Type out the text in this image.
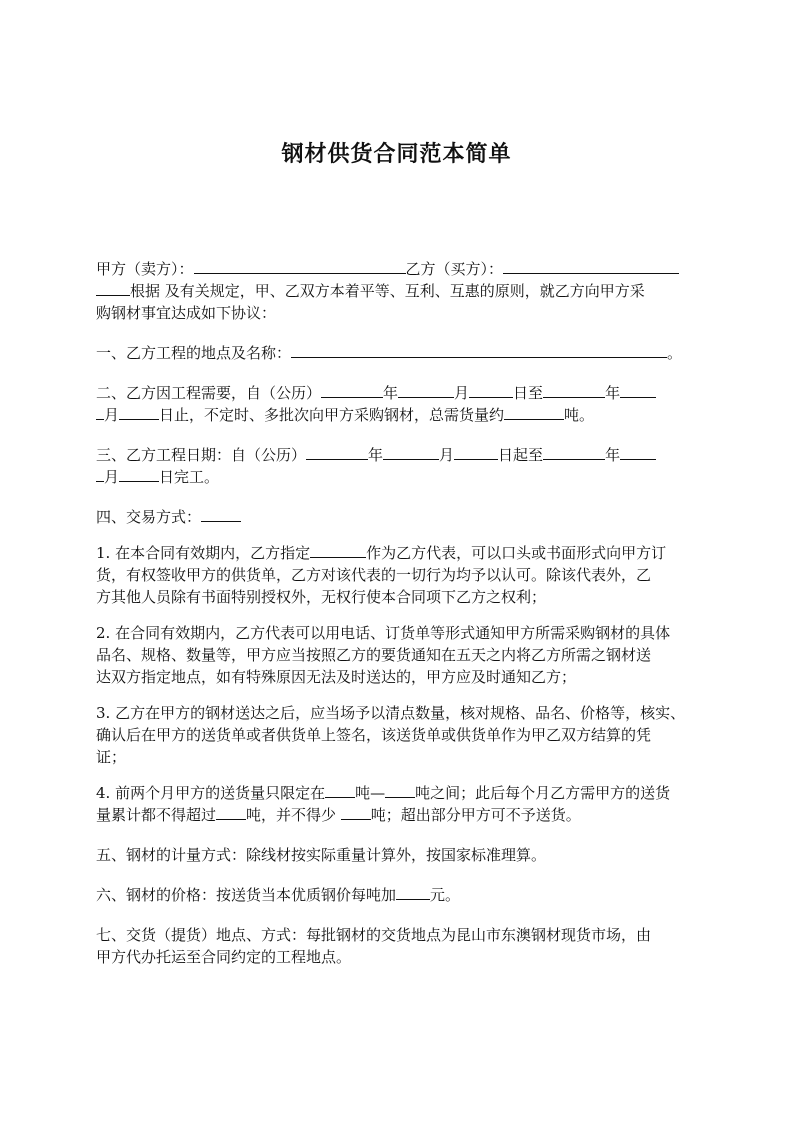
钢材供货合同范本简单
甲方（卖方）：	乙方（买方）：
根据 及有关规定，甲、乙双方本着平等、互利、互惠的原则，就乙方向甲方采
购钢材事宜达成如下协议：
一、乙方工程的地点及名称：	。
二、乙方因工程需要，自（公历）	年	月	日至	年
月	日止，不定时、多批次向甲方采购钢材，总需货量约	吨。
三、乙方工程日期：自（公历）	年	月	日起至	年
月	日完工。
四、交易方式：
1. 在本合同有效期内，乙方指定	作为乙方代表，可以口头或书面形式向甲方订
货，有权签收甲方的供货单，乙方对该代表的一切行为均予以认可。除该代表外，乙
方其他人员除有书面特别授权外，无权行使本合同项下乙方之权利；
2. 在合同有效期内，乙方代表可以用电话、订货单等形式通知甲方所需采购钢材的具体
品名、规格、数量等，甲方应当按照乙方的要货通知在五天之内将乙方所需之钢材送
达双方指定地点，如有特殊原因无法及时送达的，甲方应及时通知乙方；
3. 乙方在甲方的钢材送达之后，应当场予以清点数量，核对规格、品名、价格等，核实、
确认后在甲方的送货单或者供货单上签名，该送货单或供货单作为甲乙双方结算的凭
证；
4. 前两个月甲方的送货量只限定在 吨— 吨之间；此后每个月乙方需甲方的送货
量累计都不得超过 吨，并不得少 吨；超出部分甲方可不予送货。
五、钢材的计量方式：除线材按实际重量计算外，按国家标准理算。
六、钢材的价格：按送货当本优质钢价每吨加 元。
七、交货（提货）地点、方式：每批钢材的交货地点为昆山市东澳钢材现货市场，由
甲方代办托运至合同约定的工程地点。
